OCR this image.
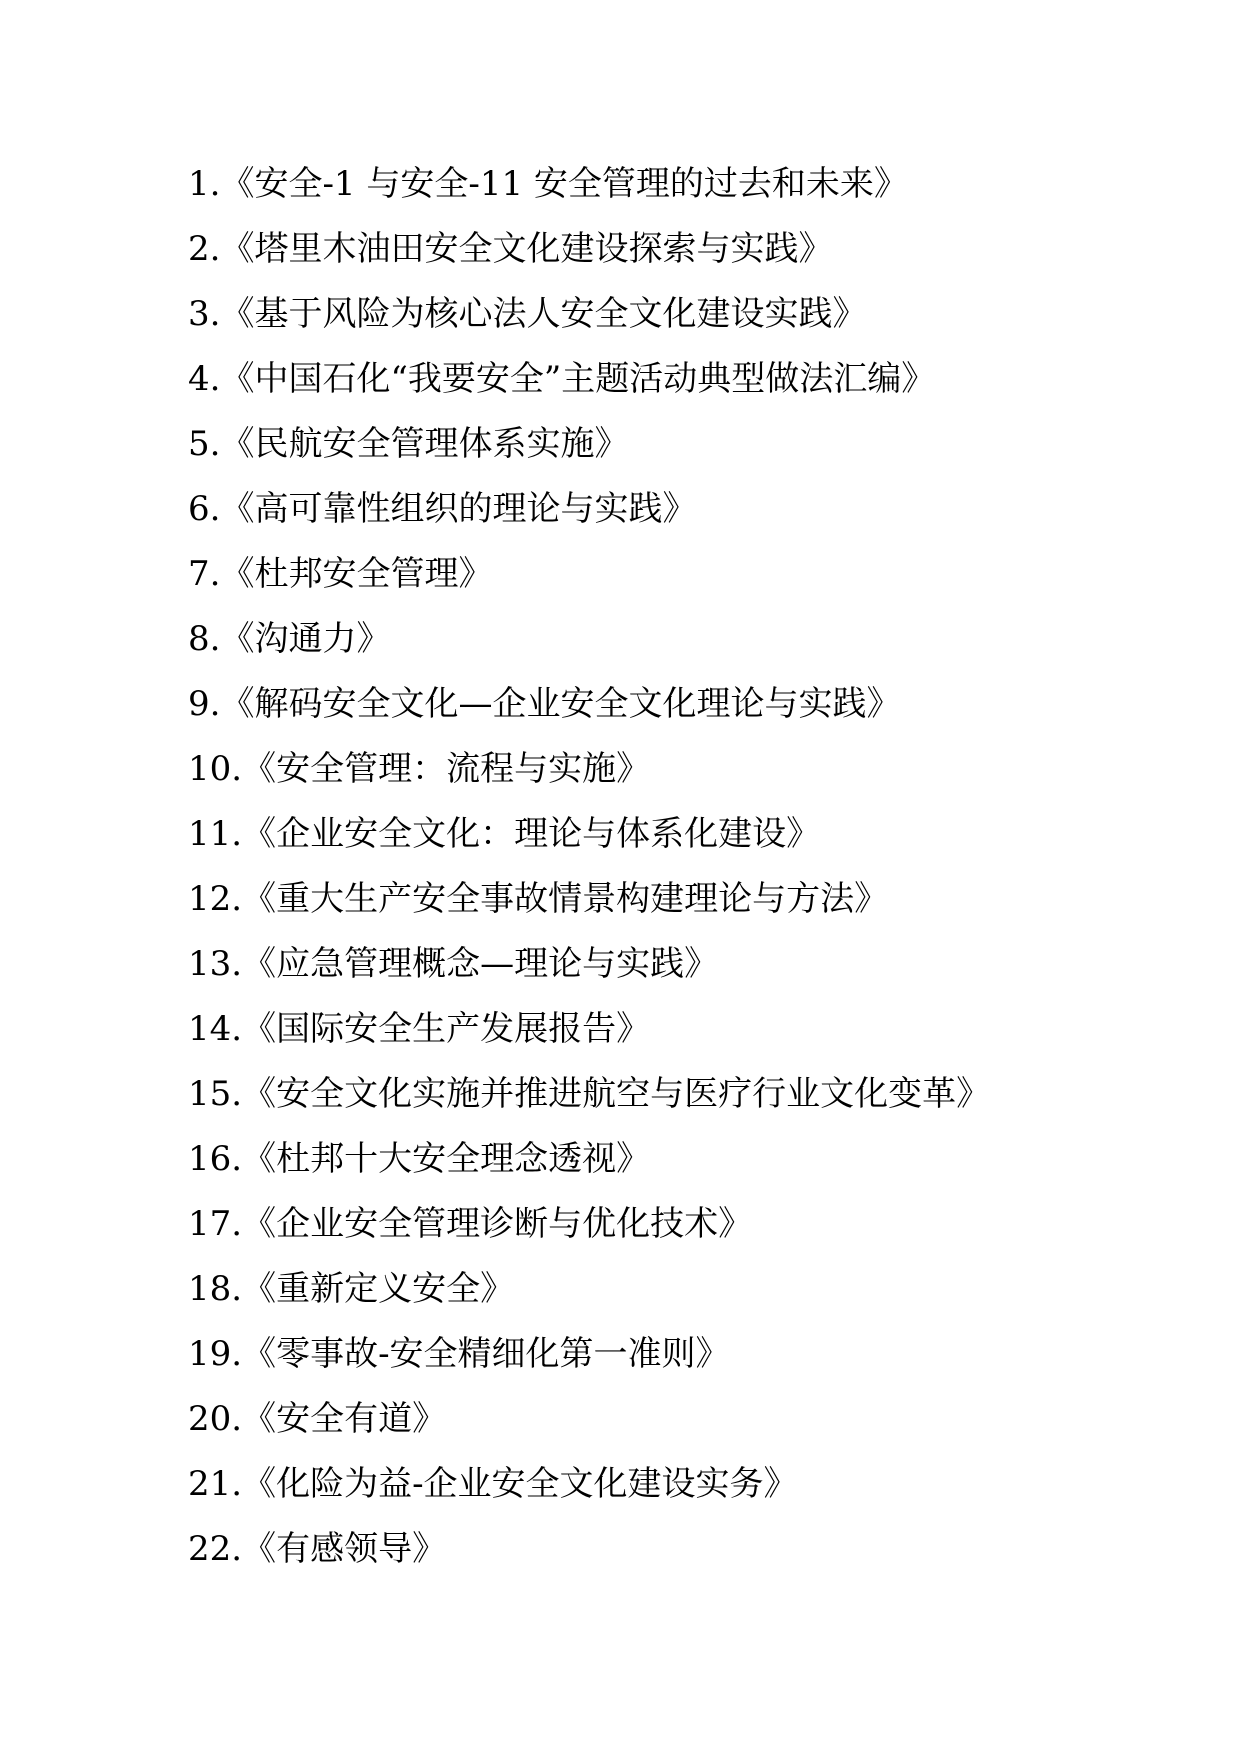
1.《安全-1 与安全-11 安全管理的过去和未来》
2.《塔里木油田安全文化建设探索与实践》
3.《基于风险为核心法人安全文化建设实践》
4.《中国石化“我要安全”主题活动典型做法汇编》
5.《民航安全管理体系实施》
6.《高可靠性组织的理论与实践》
7.《杜邦安全管理》
8.《沟通力》
9.《解码安全文化—企业安全文化理论与实践》
10.《安全管理：流程与实施》
11.《企业安全文化：理论与体系化建设》
12.《重大生产安全事故情景构建理论与方法》
13.《应急管理概念—理论与实践》
14.《国际安全生产发展报告》
15.《安全文化实施并推进航空与医疗行业文化变革》
16.《杜邦十大安全理念透视》
17.《企业安全管理诊断与优化技术》
18.《重新定义安全》
19.《零事故-安全精细化第一准则》
20.《安全有道》
21.《化险为益-企业安全文化建设实务》
22.《有感领导》
